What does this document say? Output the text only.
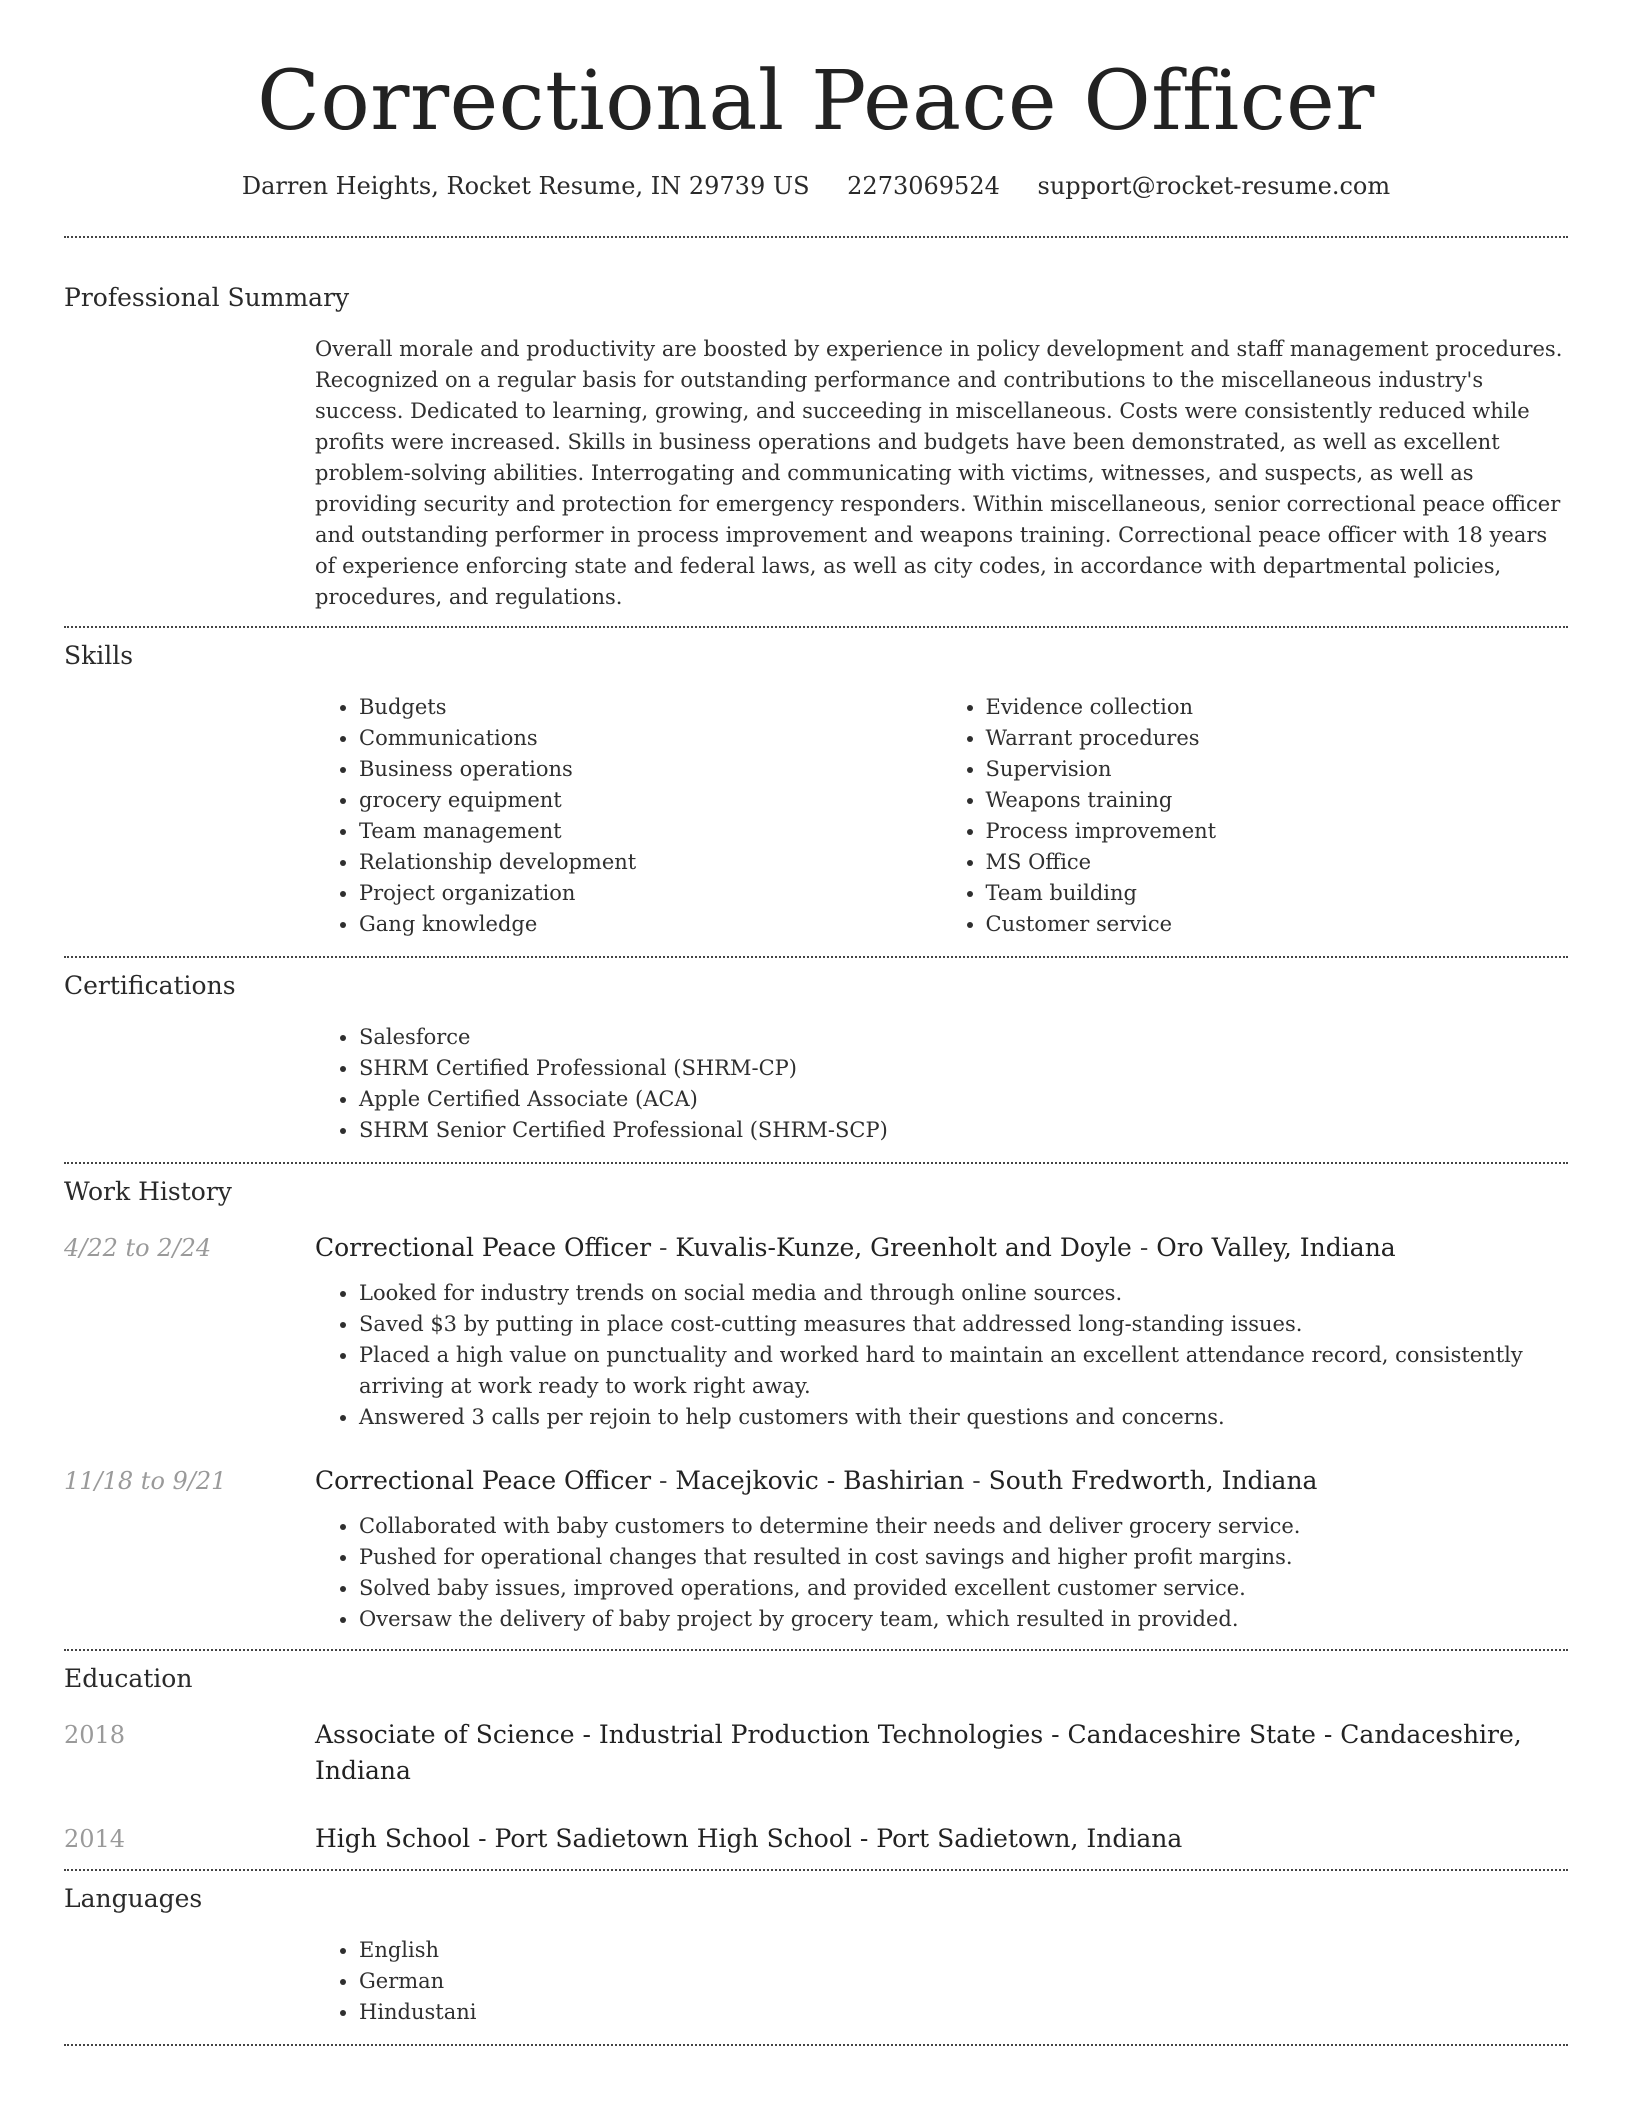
Correctional Peace Officer
Darren Heights, Rocket Resume, IN 29739 US 2273069524 support@rocket-resume.com
Professional Summary

Overall morale and productivity are boosted by experience in policy development and staff management procedures. Recognized on a regular basis for outstanding performance and contributions to the miscellaneous industry's success. Dedicated to learning, growing, and succeeding in miscellaneous. Costs were consistently reduced while profits were increased. Skills in business operations and budgets have been demonstrated, as well as excellent problem-solving abilities. Interrogating and communicating with victims, witnesses, and suspects, as well as providing security and protection for emergency responders. Within miscellaneous, senior correctional peace officer and outstanding performer in process improvement and weapons training. Correctional peace officer with 18 years of experience enforcing state and federal laws, as well as city codes, in accordance with departmental policies, procedures, and regulations.

Skills
• Budgets
• Communications
• Business operations
• grocery equipment
• Team management
• Relationship development
• Project organization
• Gang knowledge
• Evidence collection
• Warrant procedures
• Supervision
• Weapons training
• Process improvement
• MS Office
• Team building
• Customer service
Certifications
• Salesforce
• SHRM Certified Professional (SHRM-CP)
• Apple Certified Associate (ACA)
• SHRM Senior Certified Professional (SHRM-SCP)
Work History
4/22 to 2/24	Correctional Peace Officer - Kuvalis-Kunze, Greenholt and Doyle - Oro Valley, Indiana
• Looked for industry trends on social media and through online sources.
• Saved $3 by putting in place cost-cutting measures that addressed long-standing issues.
• Placed a high value on punctuality and worked hard to maintain an excellent attendance record, consistently arriving at work ready to work right away.
• Answered 3 calls per rejoin to help customers with their questions and concerns.
11/18 to 9/21	Correctional Peace Officer - Macejkovic - Bashirian - South Fredworth, Indiana
• Collaborated with baby customers to determine their needs and deliver grocery service.
• Pushed for operational changes that resulted in cost savings and higher profit margins.
• Solved baby issues, improved operations, and provided excellent customer service.
• Oversaw the delivery of baby project by grocery team, which resulted in provided.
Education
2018	Associate of Science - Industrial Production Technologies - Candaceshire State - Candaceshire, Indiana
2014	High School - Port Sadietown High School - Port Sadietown, Indiana
Languages
• English
• German
• Hindustani
